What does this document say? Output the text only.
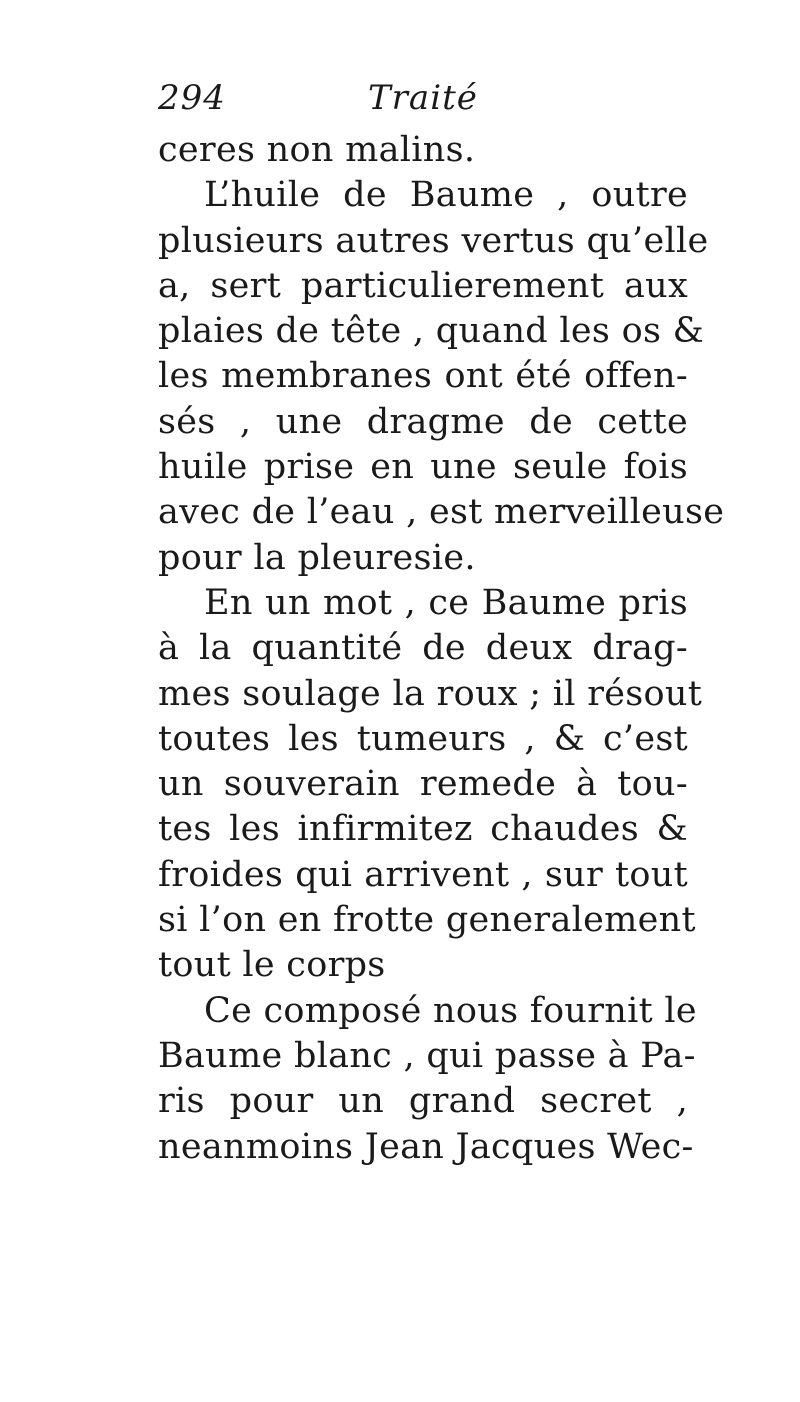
294	Traité
ceres non malins.
L’huile de Baume , outre
plusieurs autres vertus qu’elle
a, sert particulierement aux
plaies de tête , quand les os &
les membranes ont été offen-
sés , une dragme de cette
huile prise en une seule fois
avec de l’eau , est merveilleuse
pour la pleuresie.
En un mot , ce Baume pris
à la quantité de deux drag-
mes soulage la roux ; il résout
toutes les tumeurs , & c’est
un souverain remede à tou-
tes les infirmitez chaudes &
froides qui arrivent , sur tout
si l’on en frotte generalement
tout le corps
Ce composé nous fournit le
Baume blanc , qui passe à Pa-
ris pour un grand secret ,
neanmoins Jean Jacques Wec-
